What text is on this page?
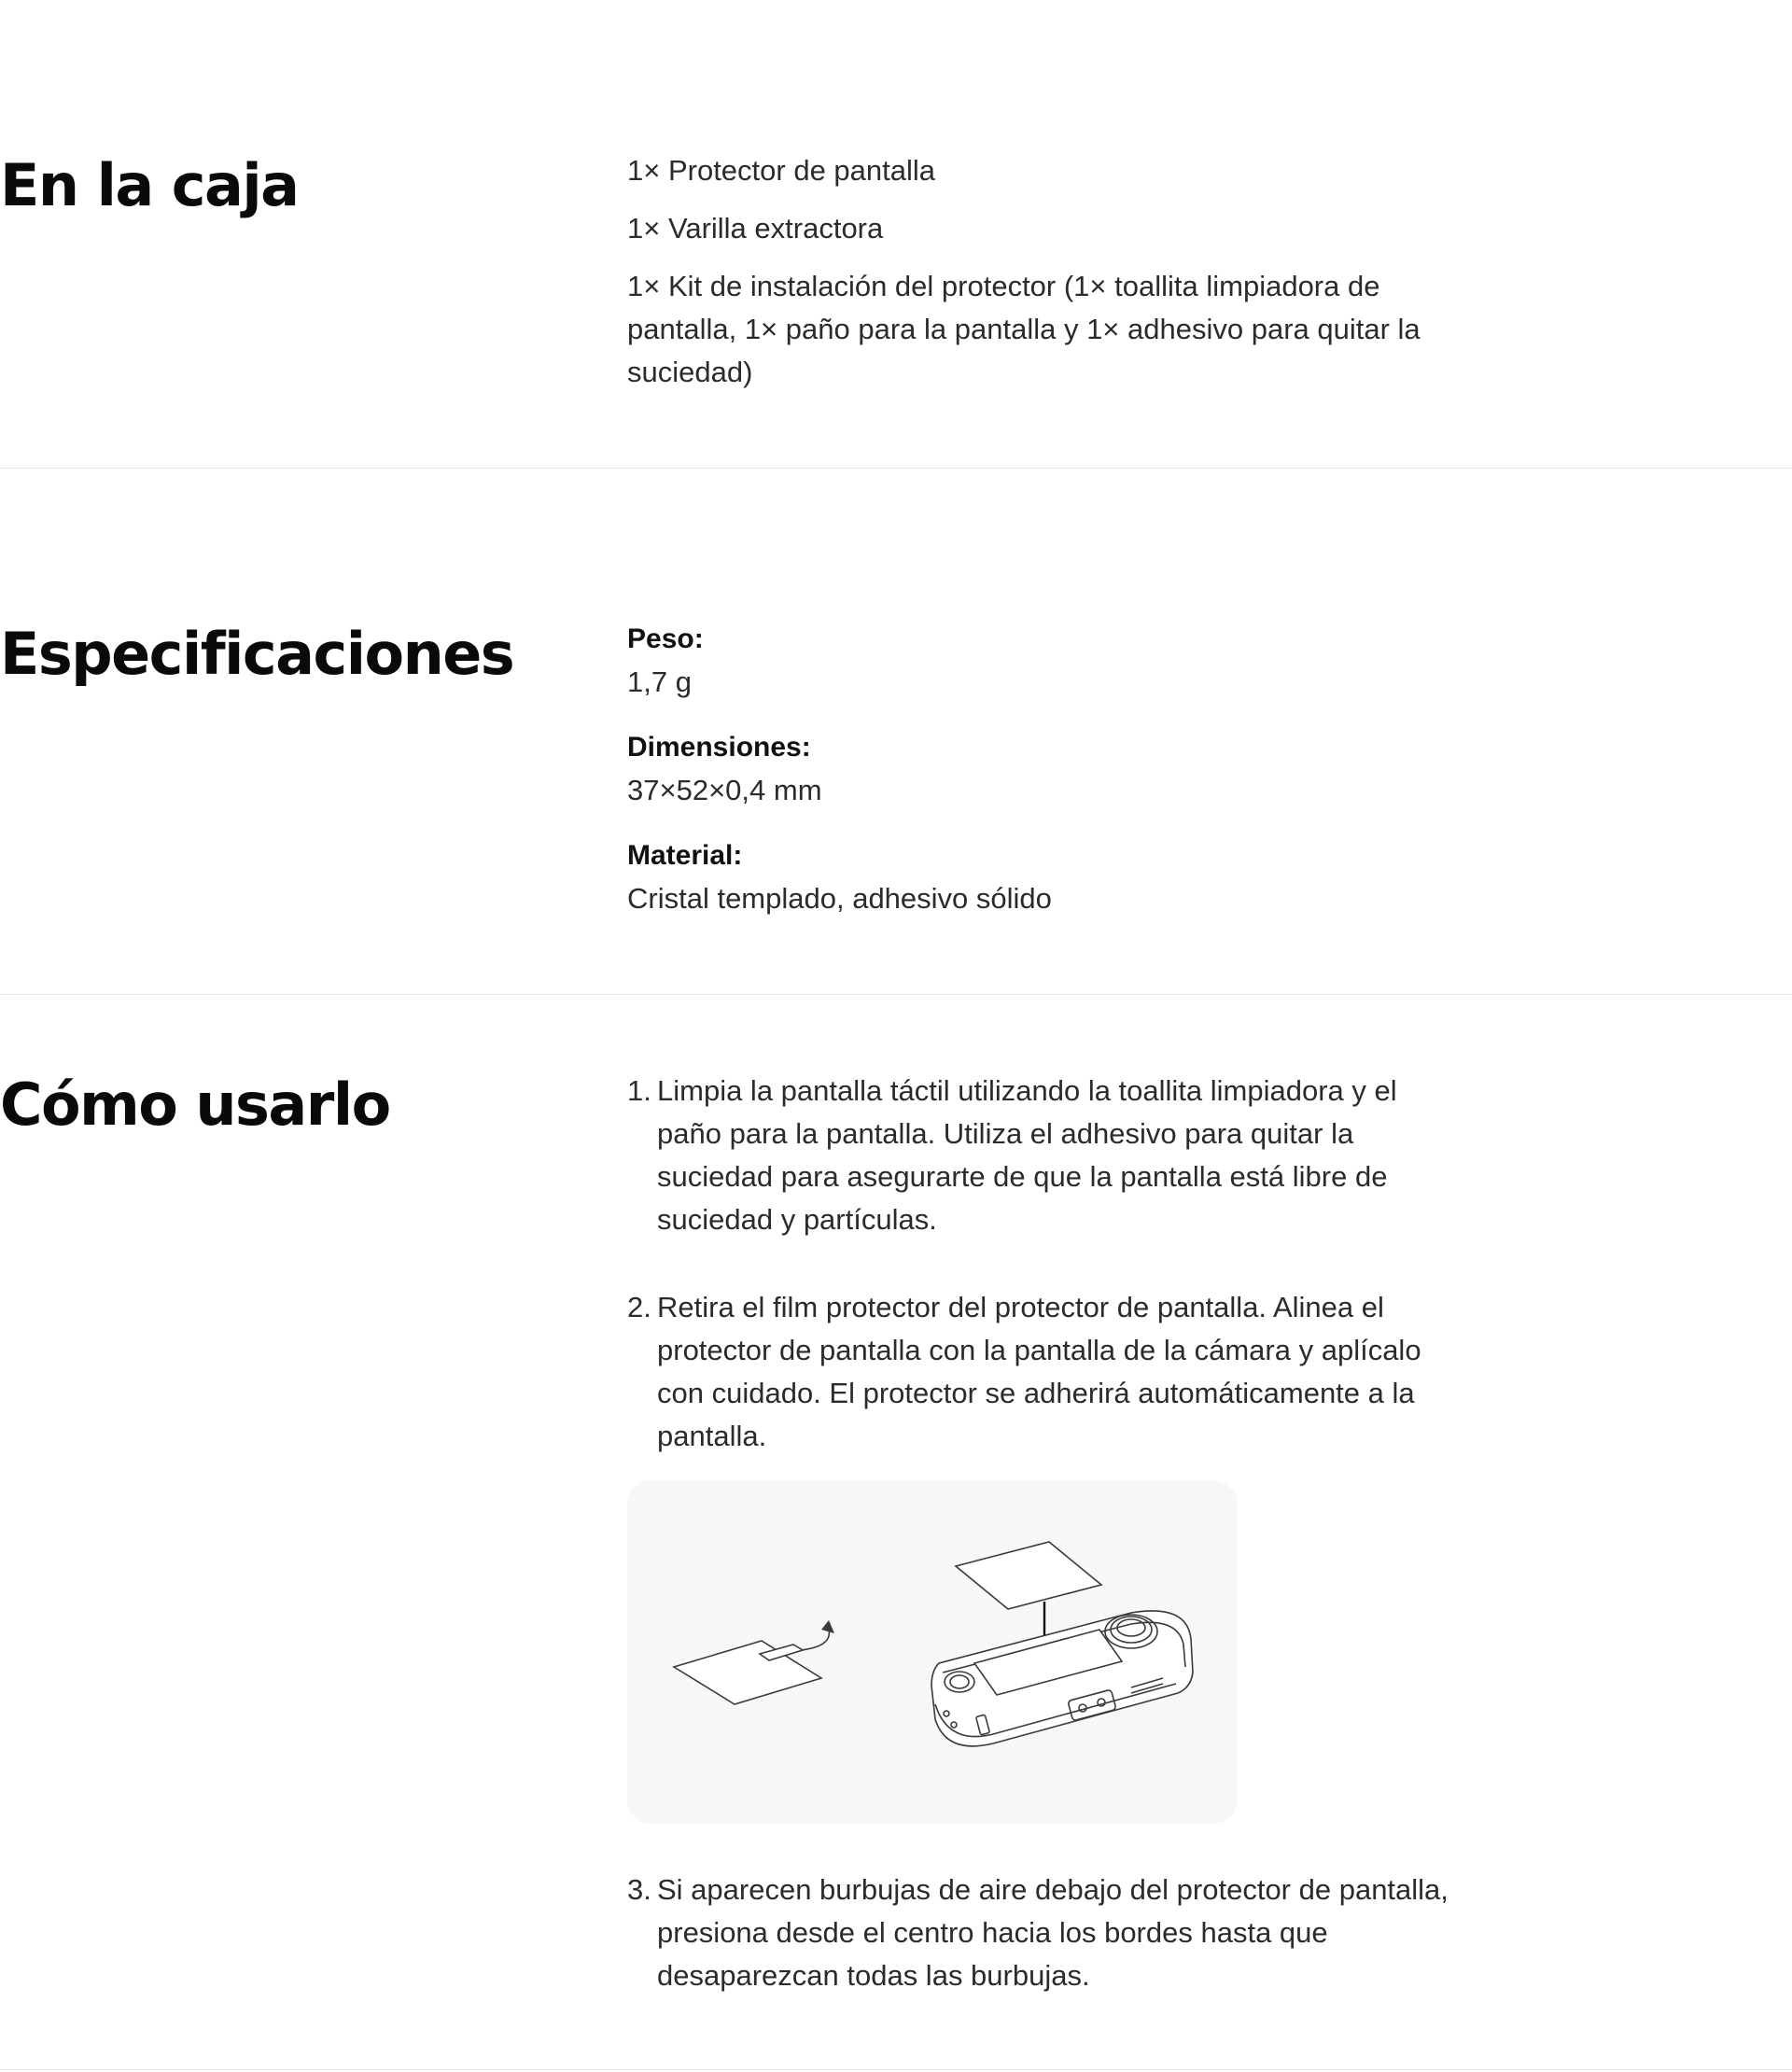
En la caja	1× Protector de pantalla

1× Varilla extractora

1× Kit de instalación del protector (1× toallita limpiadora de pantalla, 1× paño para la pantalla y 1× adhesivo para quitar la suciedad)

Especificaciones	Peso:
1,7 g
Dimensiones:
37×52×0,4 mm
Material:
Cristal templado, adhesivo sólido
Cómo usarlo	1. Limpia la pantalla táctil utilizando la toallita limpiadora y el paño para la pantalla. Utiliza el adhesivo para quitar la suciedad para asegurarte de que la pantalla está libre de suciedad y partículas.
2. Retira el film protector del protector de pantalla. Alinea el protector de pantalla con la pantalla de la cámara y aplícalo con cuidado. El protector se adherirá automáticamente a la pantalla.
3. Si aparecen burbujas de aire debajo del protector de pantalla, presiona desde el centro hacia los bordes hasta que desaparezcan todas las burbujas.
